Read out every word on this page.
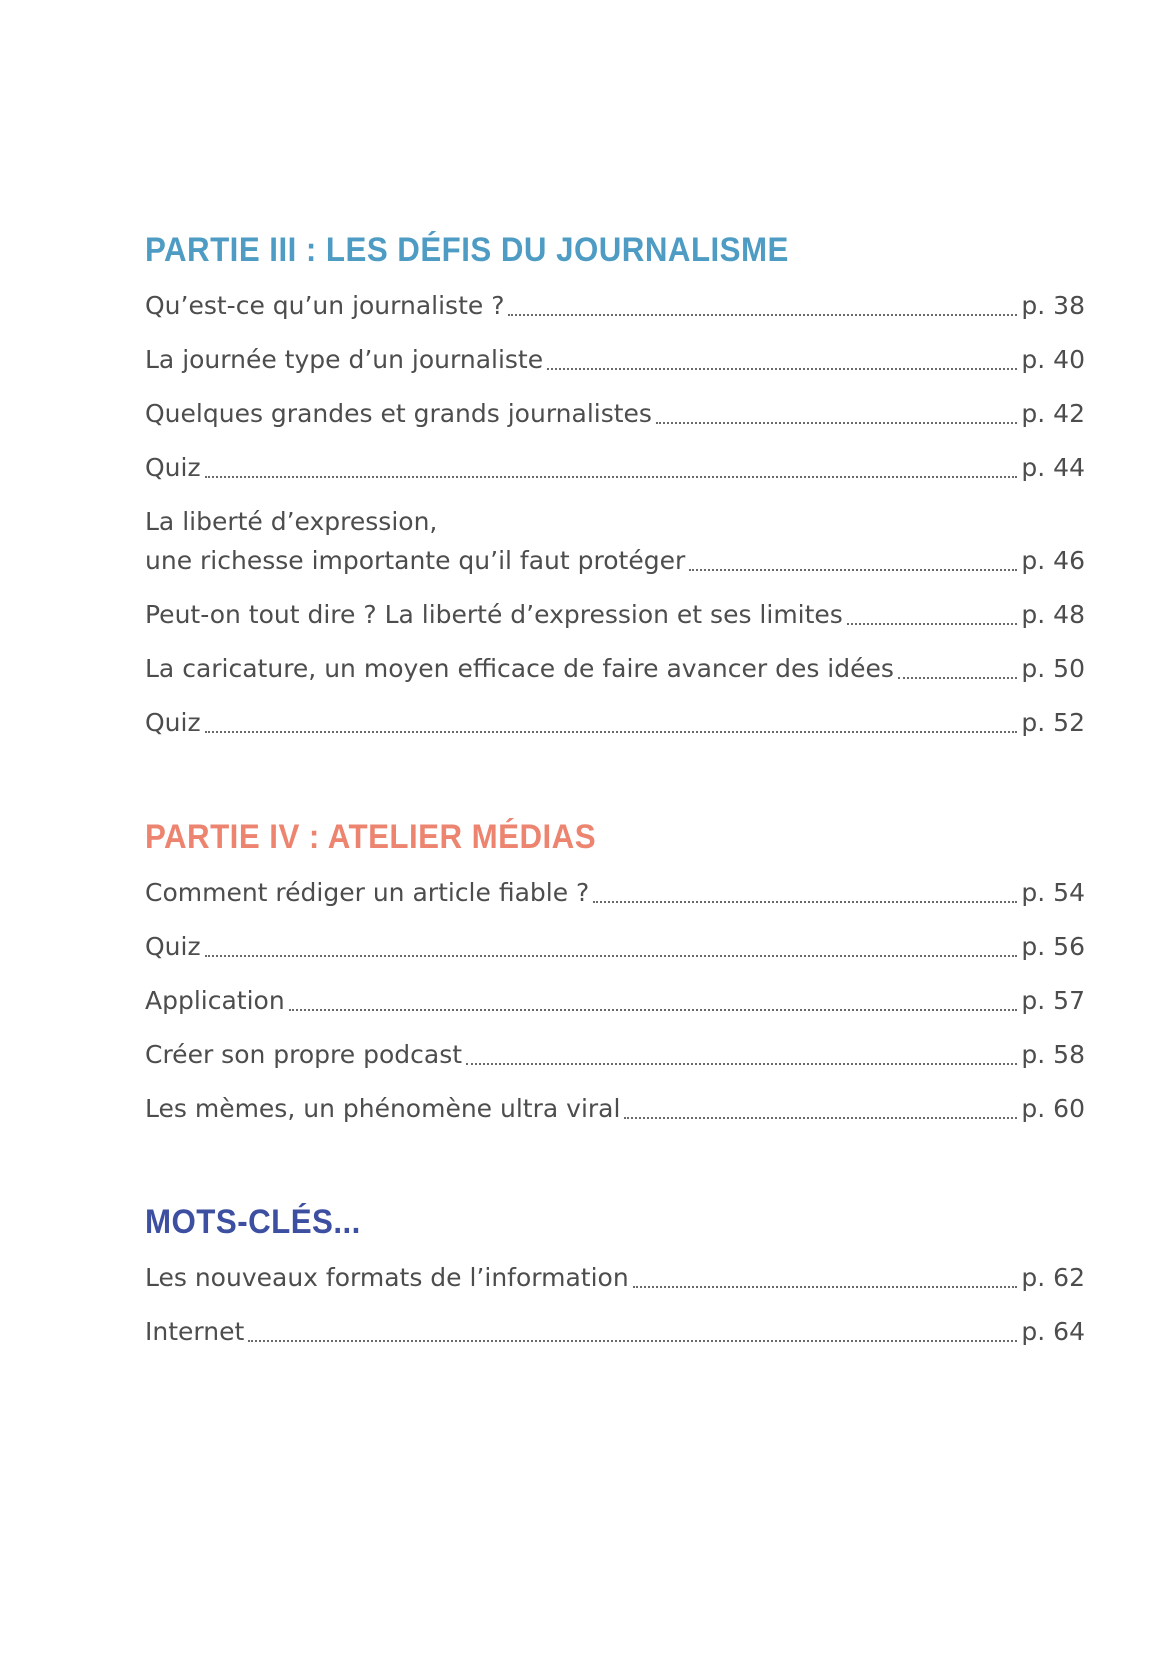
PARTIE III : LES DÉFIS DU JOURNALISME
Qu’est-ce qu’un journaliste ?	p. 38
La journée type d’un journaliste	p. 40
Quelques grandes et grands journalistes	p. 42
Quiz	p. 44
La liberté d’expression,
une richesse importante qu’il faut protéger	p. 46
Peut-on tout dire ? La liberté d’expression et ses limites	p. 48
La caricature, un moyen efficace de faire avancer des idées	p. 50
Quiz	p. 52
PARTIE IV : ATELIER MÉDIAS
Comment rédiger un article fiable ?	p. 54
Quiz	p. 56
Application	p. 57
Créer son propre podcast	p. 58
Les mèmes, un phénomène ultra viral	p. 60
MOTS-CLÉS...
Les nouveaux formats de l’information	p. 62
Internet	p. 64
